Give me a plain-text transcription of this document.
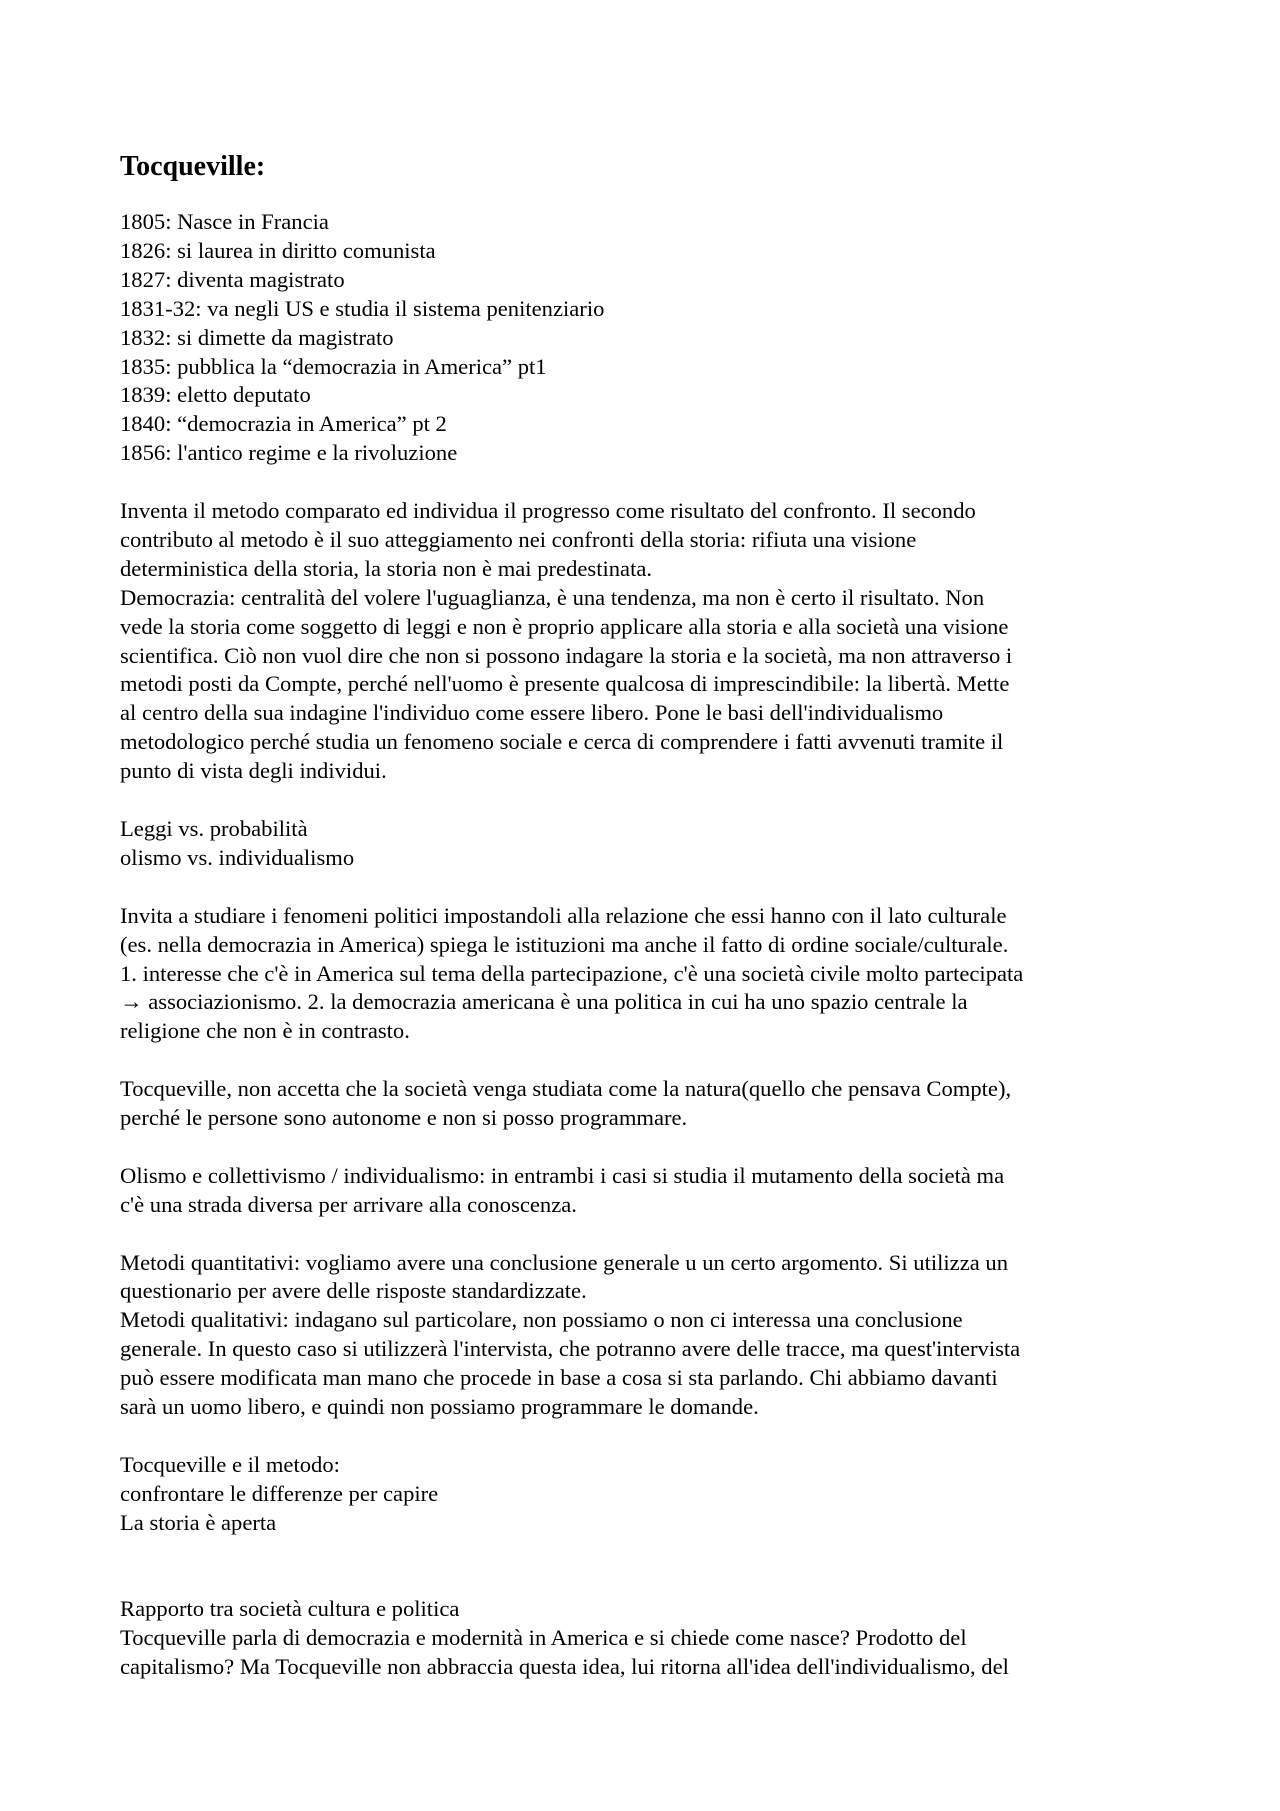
Tocqueville:
1805: Nasce in Francia
1826: si laurea in diritto comunista
1827: diventa magistrato
1831-32: va negli US e studia il sistema penitenziario
1832: si dimette da magistrato
1835: pubblica la “democrazia in America” pt1
1839: eletto deputato
1840: “democrazia in America” pt 2
1856: l'antico regime e la rivoluzione
Inventa il metodo comparato ed individua il progresso come risultato del confronto. Il secondo
contributo al metodo è il suo atteggiamento nei confronti della storia: rifiuta una visione
deterministica della storia, la storia non è mai predestinata.
Democrazia: centralità del volere l'uguaglianza, è una tendenza, ma non è certo il risultato. Non
vede la storia come soggetto di leggi e non è proprio applicare alla storia e alla società una visione
scientifica. Ciò non vuol dire che non si possono indagare la storia e la società, ma non attraverso i
metodi posti da Compte, perché nell'uomo è presente qualcosa di imprescindibile: la libertà. Mette
al centro della sua indagine l'individuo come essere libero. Pone le basi dell'individualismo
metodologico perché studia un fenomeno sociale e cerca di comprendere i fatti avvenuti tramite il
punto di vista degli individui.
Leggi vs. probabilità
olismo vs. individualismo
Invita a studiare i fenomeni politici impostandoli alla relazione che essi hanno con il lato culturale
(es. nella democrazia in America) spiega le istituzioni ma anche il fatto di ordine sociale/culturale.
1. interesse che c'è in America sul tema della partecipazione, c'è una società civile molto partecipata
→ associazionismo. 2. la democrazia americana è una politica in cui ha uno spazio centrale la
religione che non è in contrasto.
Tocqueville, non accetta che la società venga studiata come la natura(quello che pensava Compte),
perché le persone sono autonome e non si posso programmare.
Olismo e collettivismo / individualismo: in entrambi i casi si studia il mutamento della società ma
c'è una strada diversa per arrivare alla conoscenza.
Metodi quantitativi: vogliamo avere una conclusione generale u un certo argomento. Si utilizza un
questionario per avere delle risposte standardizzate.
Metodi qualitativi: indagano sul particolare, non possiamo o non ci interessa una conclusione
generale. In questo caso si utilizzerà l'intervista, che potranno avere delle tracce, ma quest'intervista
può essere modificata man mano che procede in base a cosa si sta parlando. Chi abbiamo davanti
sarà un uomo libero, e quindi non possiamo programmare le domande.
Tocqueville e il metodo:
confrontare le differenze per capire
La storia è aperta
Rapporto tra società cultura e politica
Tocqueville parla di democrazia e modernità in America e si chiede come nasce? Prodotto del
capitalismo? Ma Tocqueville non abbraccia questa idea, lui ritorna all'idea dell'individualismo, del
